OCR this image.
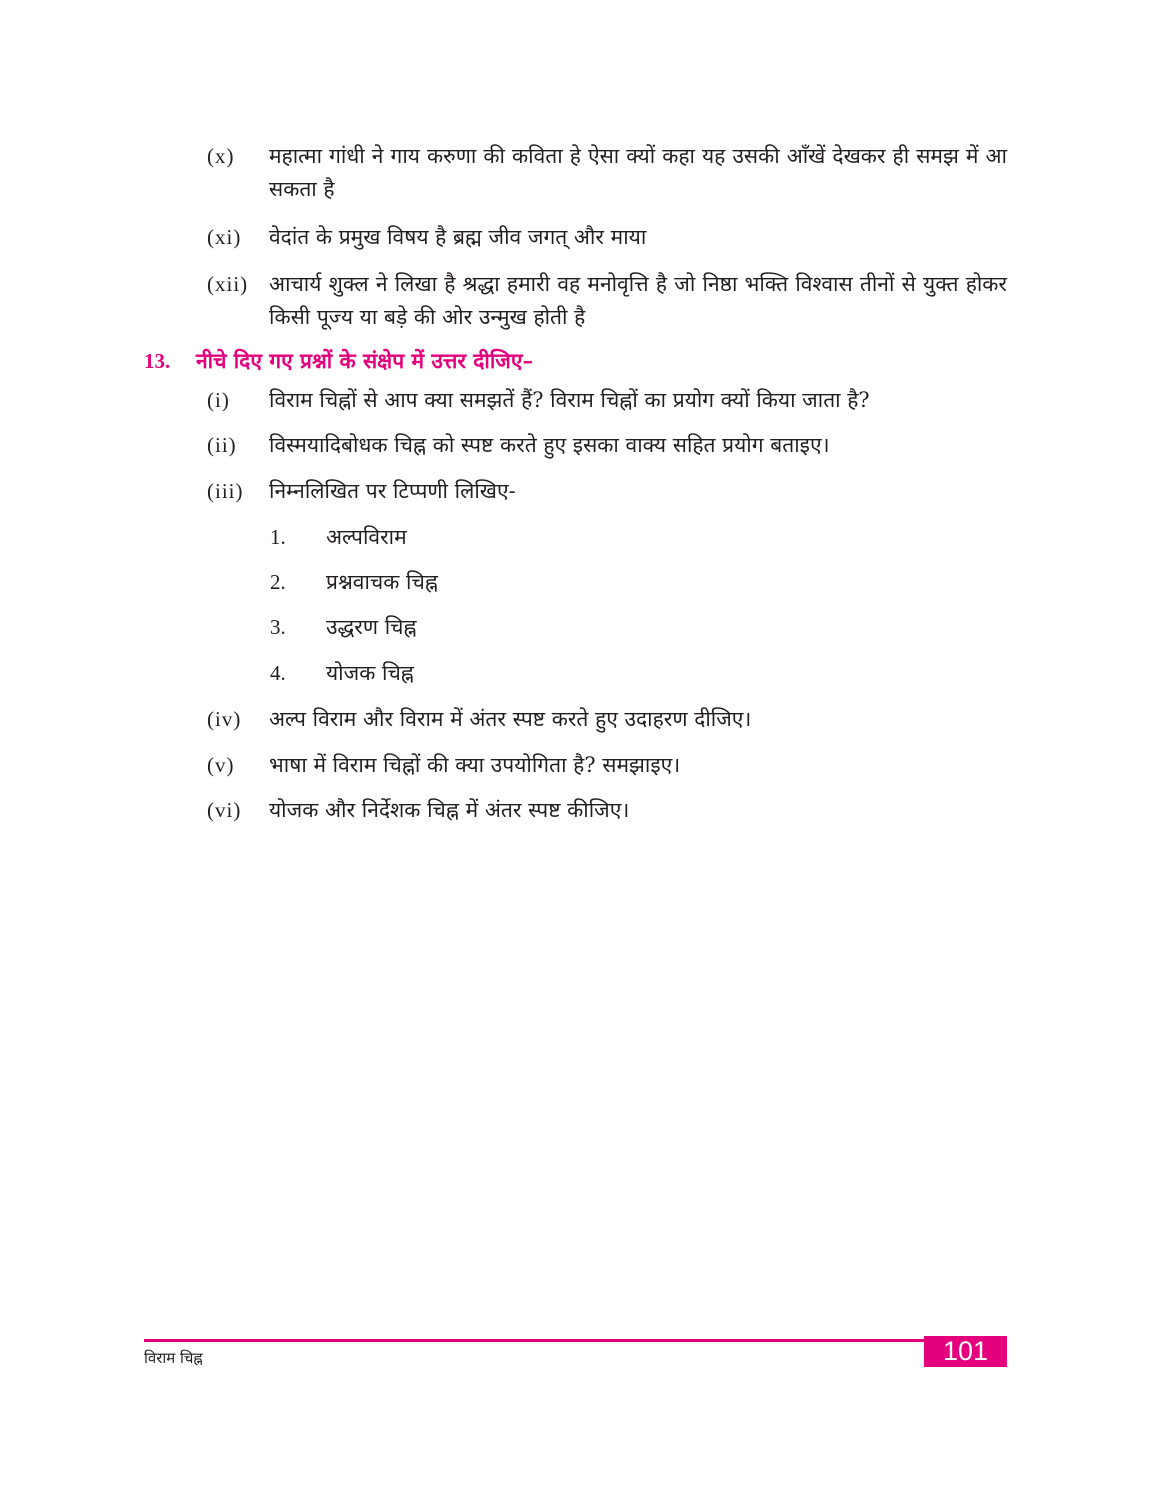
(x) महात्मा गांधी ने गाय करुणा की कविता हे ऐसा क्यों कहा यह उसकी आँखें देखकर ही समझ में आ सकता है
(xi) वेदांत के प्रमुख विषय है ब्रह्म जीव जगत् और माया
(xii) आचार्य शुक्ल ने लिखा है श्रद्धा हमारी वह मनोवृत्ति है जो निष्ठा भक्ति विश्वास तीनों से युक्त होकर किसी पूज्य या बड़े की ओर उन्मुख होती है
13. नीचे दिए गए प्रश्नों के संक्षेप में उत्तर दीजिए–
(i) विराम चिह्नों से आप क्या समझतें हैं? विराम चिह्नों का प्रयोग क्यों किया जाता है?
(ii) विस्मयादिबोधक चिह्न को स्पष्ट करते हुए इसका वाक्य सहित प्रयोग बताइए।
(iii) निम्नलिखित पर टिप्पणी लिखिए-
1. अल्पविराम
2. प्रश्नवाचक चिह्न
3. उद्धरण चिह्न
4. योजक चिह्न
(iv) अल्प विराम और विराम में अंतर स्पष्ट करते हुए उदाहरण दीजिए।
(v) भाषा में विराम चिह्नों की क्या उपयोगिता है? समझाइए।
(vi) योजक और निर्देशक चिह्न में अंतर स्पष्ट कीजिए।
विराम चिह्न	101
